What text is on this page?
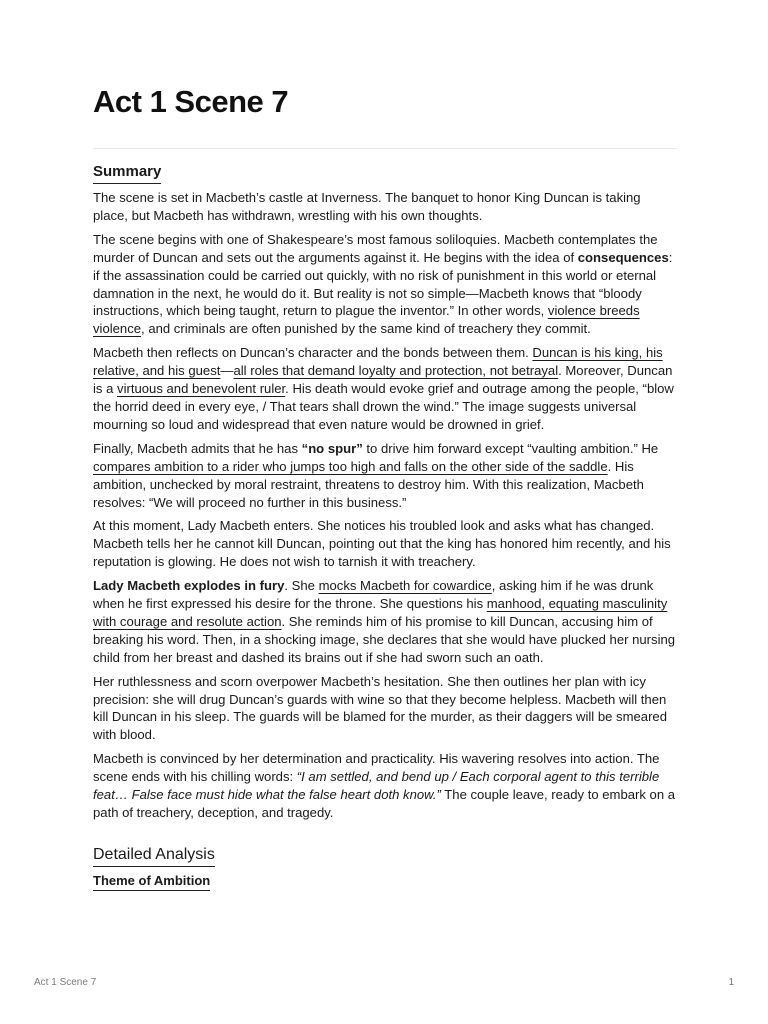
Act 1 Scene 7
Summary

The scene is set in Macbeth’s castle at Inverness. The banquet to honor King Duncan is taking place, but Macbeth has withdrawn, wrestling with his own thoughts.

The scene begins with one of Shakespeare’s most famous soliloquies. Macbeth contemplates the murder of Duncan and sets out the arguments against it. He begins with the idea of consequences: if the assassination could be carried out quickly, with no risk of punishment in this world or eternal damnation in the next, he would do it. But reality is not so simple—Macbeth knows that “bloody instructions, which being taught, return to plague the inventor.” In other words, violence breeds violence, and criminals are often punished by the same kind of treachery they commit.

Macbeth then reflects on Duncan’s character and the bonds between them. Duncan is his king, his relative, and his guest—all roles that demand loyalty and protection, not betrayal. Moreover, Duncan is a virtuous and benevolent ruler. His death would evoke grief and outrage among the people, “blow the horrid deed in every eye, / That tears shall drown the wind.” The image suggests universal mourning so loud and widespread that even nature would be drowned in grief.

Finally, Macbeth admits that he has “no spur” to drive him forward except “vaulting ambition.” He compares ambition to a rider who jumps too high and falls on the other side of the saddle. His ambition, unchecked by moral restraint, threatens to destroy him. With this realization, Macbeth resolves: “We will proceed no further in this business.”

At this moment, Lady Macbeth enters. She notices his troubled look and asks what has changed. Macbeth tells her he cannot kill Duncan, pointing out that the king has honored him recently, and his reputation is glowing. He does not wish to tarnish it with treachery.

Lady Macbeth explodes in fury. She mocks Macbeth for cowardice, asking him if he was drunk when he first expressed his desire for the throne. She questions his manhood, equating masculinity with courage and resolute action. She reminds him of his promise to kill Duncan, accusing him of breaking his word. Then, in a shocking image, she declares that she would have plucked her nursing child from her breast and dashed its brains out if she had sworn such an oath.

Her ruthlessness and scorn overpower Macbeth’s hesitation. She then outlines her plan with icy precision: she will drug Duncan’s guards with wine so that they become helpless. Macbeth will then kill Duncan in his sleep. The guards will be blamed for the murder, as their daggers will be smeared with blood.

Macbeth is convinced by her determination and practicality. His wavering resolves into action. The scene ends with his chilling words: “I am settled, and bend up / Each corporal agent to this terrible feat… False face must hide what the false heart doth know.” The couple leave, ready to embark on a path of treachery, deception, and tragedy.

Detailed Analysis
Theme of Ambition
Act 1 Scene 7	1
